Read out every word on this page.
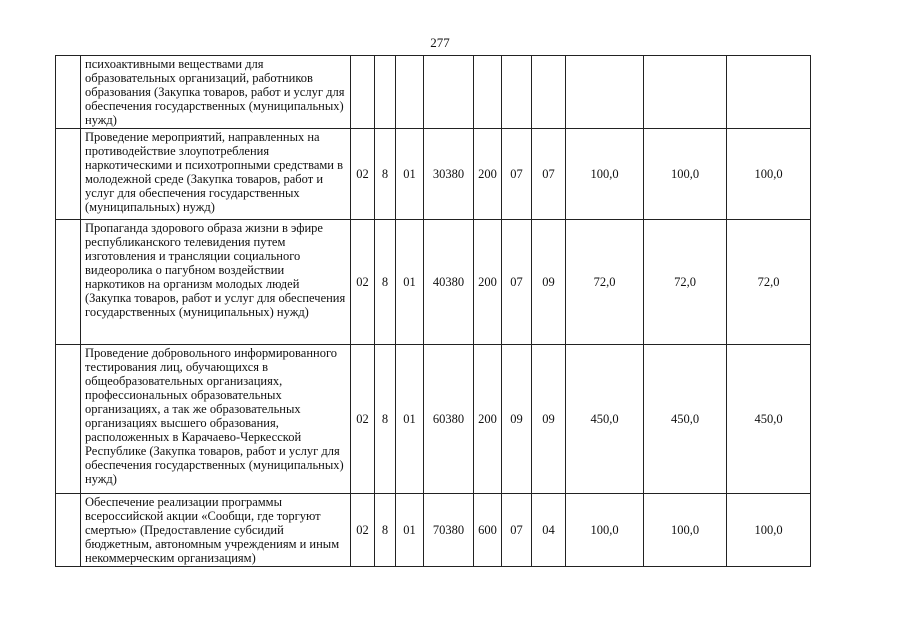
277
	психоактивными веществами для образовательных организаций, работников образования (Закупка товаров, работ и услуг для обеспечения государственных (муниципальных) нужд)										
	Проведение мероприятий, направленных на противодействие злоупотребления наркотическими и психотропными средствами в молодежной среде (Закупка товаров, работ и услуг для обеспечения государственных (муниципальных) нужд)	02	8	01	30380	200	07	07	100,0	100,0	100,0
	Пропаганда здорового образа жизни в эфире республиканского телевидения путем изготовления и трансляции социального видеоролика о пагубном воздействии наркотиков на организм молодых людей (Закупка товаров, работ и услуг для обеспечения государственных (муниципальных) нужд)	02	8	01	40380	200	07	09	72,0	72,0	72,0
	Проведение добровольного информированного тестирования лиц, обучающихся в общеобразовательных организациях, профессиональных образовательных организациях, а так же образовательных организациях высшего образования, расположенных в Карачаево-Черкесской Республике (Закупка товаров, работ и услуг для обеспечения государственных (муниципальных) нужд)	02	8	01	60380	200	09	09	450,0	450,0	450,0
	Обеспечение реализации программы всероссийской акции «Сообщи, где торгуют смертью» (Предоставление субсидий бюджетным, автономным учреждениям и иным некоммерческим организациям)	02	8	01	70380	600	07	04	100,0	100,0	100,0
